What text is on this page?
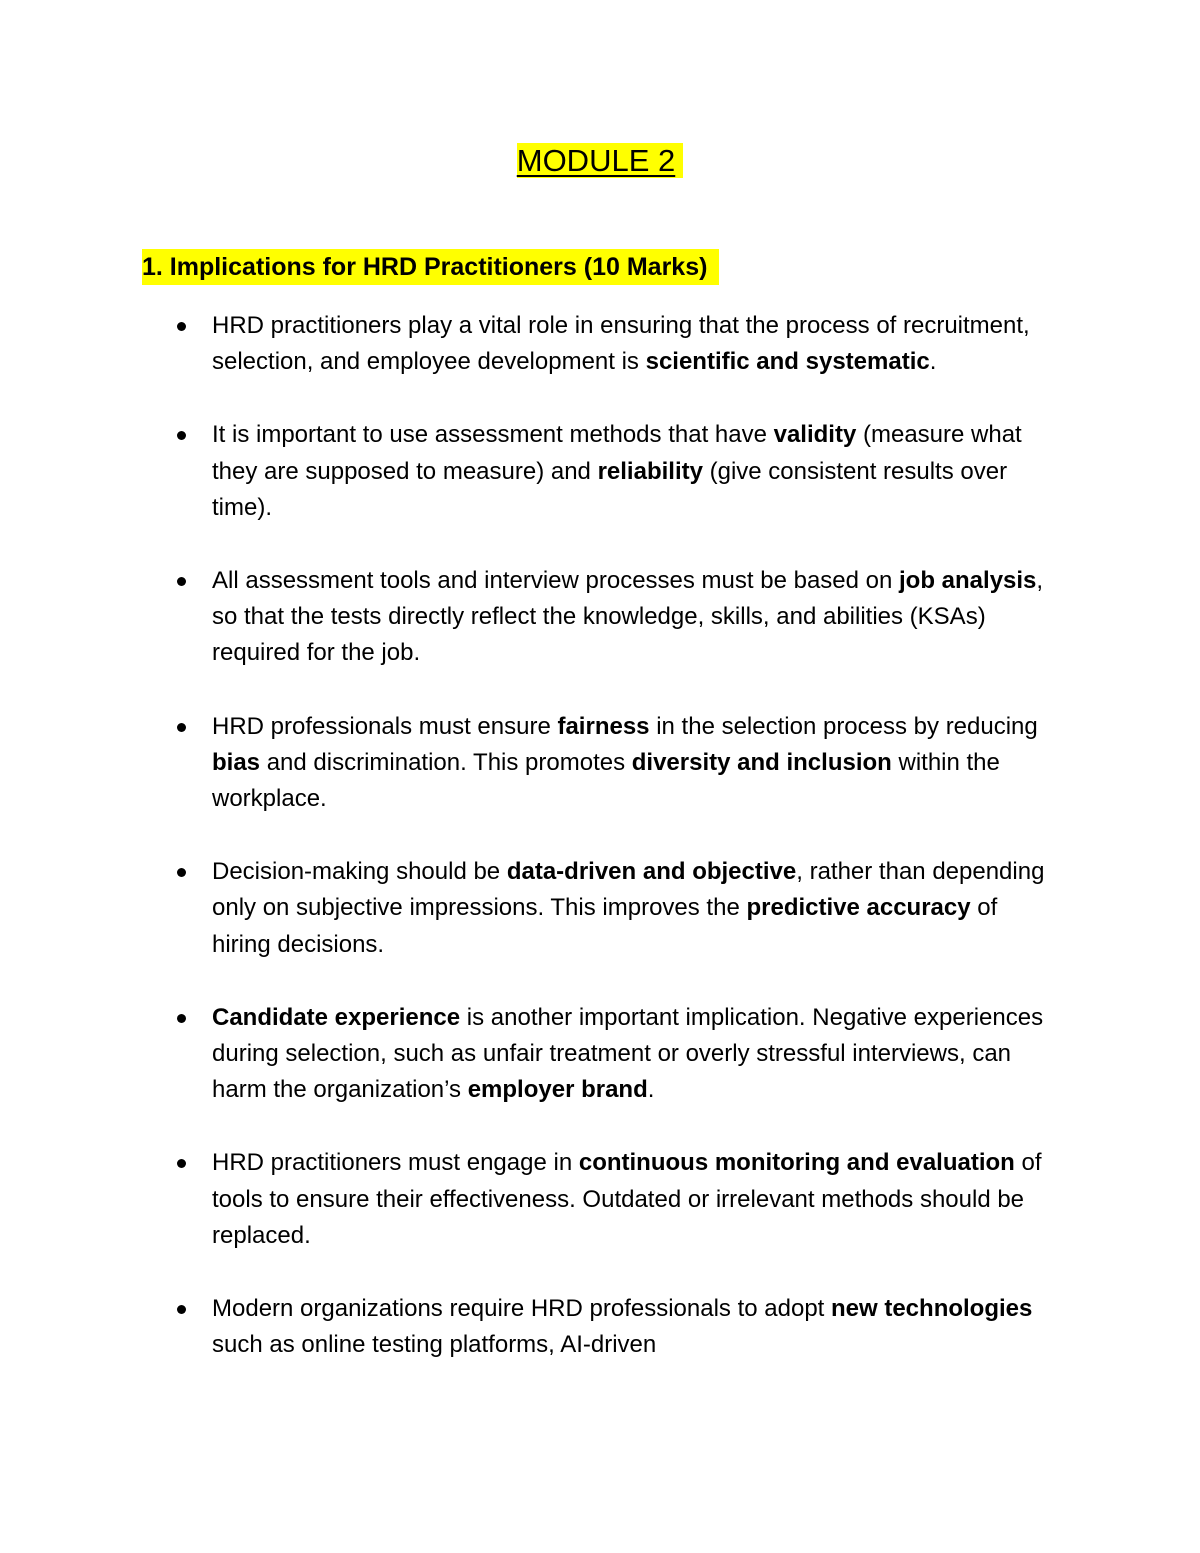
MODULE 2
1. Implications for HRD Practitioners (10 Marks)
HRD practitioners play a vital role in ensuring that the process of recruitment, selection, and employee development is scientific and systematic.
It is important to use assessment methods that have validity (measure what they are supposed to measure) and reliability (give consistent results over time).
All assessment tools and interview processes must be based on job analysis, so that the tests directly reflect the knowledge, skills, and abilities (KSAs) required for the job.
HRD professionals must ensure fairness in the selection process by reducing bias and discrimination. This promotes diversity and inclusion within the workplace.
Decision-making should be data-driven and objective, rather than depending only on subjective impressions. This improves the predictive accuracy of hiring decisions.
Candidate experience is another important implication. Negative experiences during selection, such as unfair treatment or overly stressful interviews, can harm the organization’s employer brand.
HRD practitioners must engage in continuous monitoring and evaluation of tools to ensure their effectiveness. Outdated or irrelevant methods should be replaced.
Modern organizations require HRD professionals to adopt new technologies such as online testing platforms, AI-driven
